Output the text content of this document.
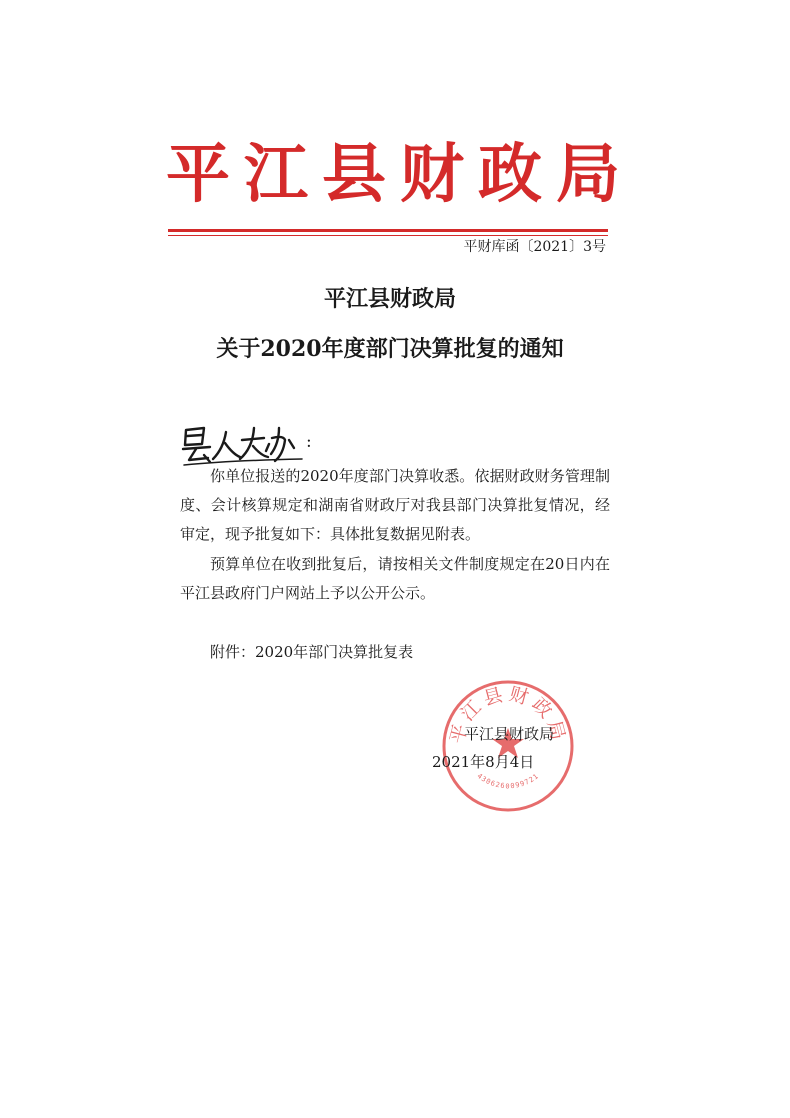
平江县财政局
平财库函〔2021〕3号
平江县财政局
关于2020年度部门决算批复的通知
:

你单位报送的2020年度部门决算收悉。依据财政财务管理制度、会计核算规定和湖南省财政厅对我县部门决算批复情况，经审定，现予批复如下：具体批复数据见附表。

预算单位在收到批复后，请按相关文件制度规定在20日内在平江县政府门户网站上予以公开公示。

附件：2020年部门决算批复表
平江县财政局
4306260099721
平江县财政局
2021年8月4日
